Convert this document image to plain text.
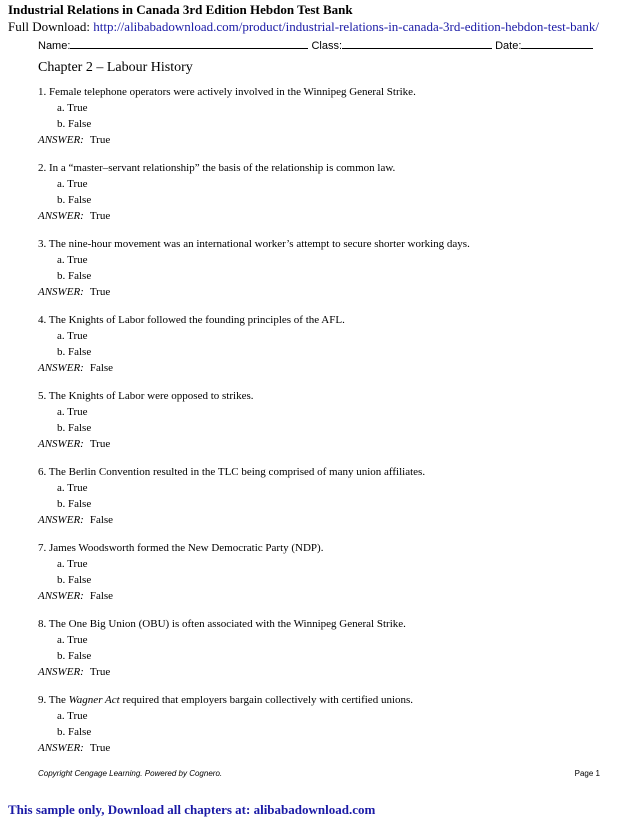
Industrial Relations in Canada 3rd Edition Hebdon Test Bank
Full Download: http://alibabadownload.com/product/industrial-relations-in-canada-3rd-edition-hebdon-test-bank/
Name:	Class:	Date:
Chapter 2 – Labour History
1. Female telephone operators were actively involved in the Winnipeg General Strike.
a. True
b. False
ANSWER: True
2. In a “master–servant relationship” the basis of the relationship is common law.
a. True
b. False
ANSWER: True
3. The nine-hour movement was an international worker’s attempt to secure shorter working days.
a. True
b. False
ANSWER: True
4. The Knights of Labor followed the founding principles of the AFL.
a. True
b. False
ANSWER: False
5. The Knights of Labor were opposed to strikes.
a. True
b. False
ANSWER: True
6. The Berlin Convention resulted in the TLC being comprised of many union affiliates.
a. True
b. False
ANSWER: False
7. James Woodsworth formed the New Democratic Party (NDP).
a. True
b. False
ANSWER: False
8. The One Big Union (OBU) is often associated with the Winnipeg General Strike.
a. True
b. False
ANSWER: True
9. The Wagner Act required that employers bargain collectively with certified unions.
a. True
b. False
ANSWER: True
Copyright Cengage Learning. Powered by Cognero.	Page 1
This sample only, Download all chapters at: alibabadownload.com
